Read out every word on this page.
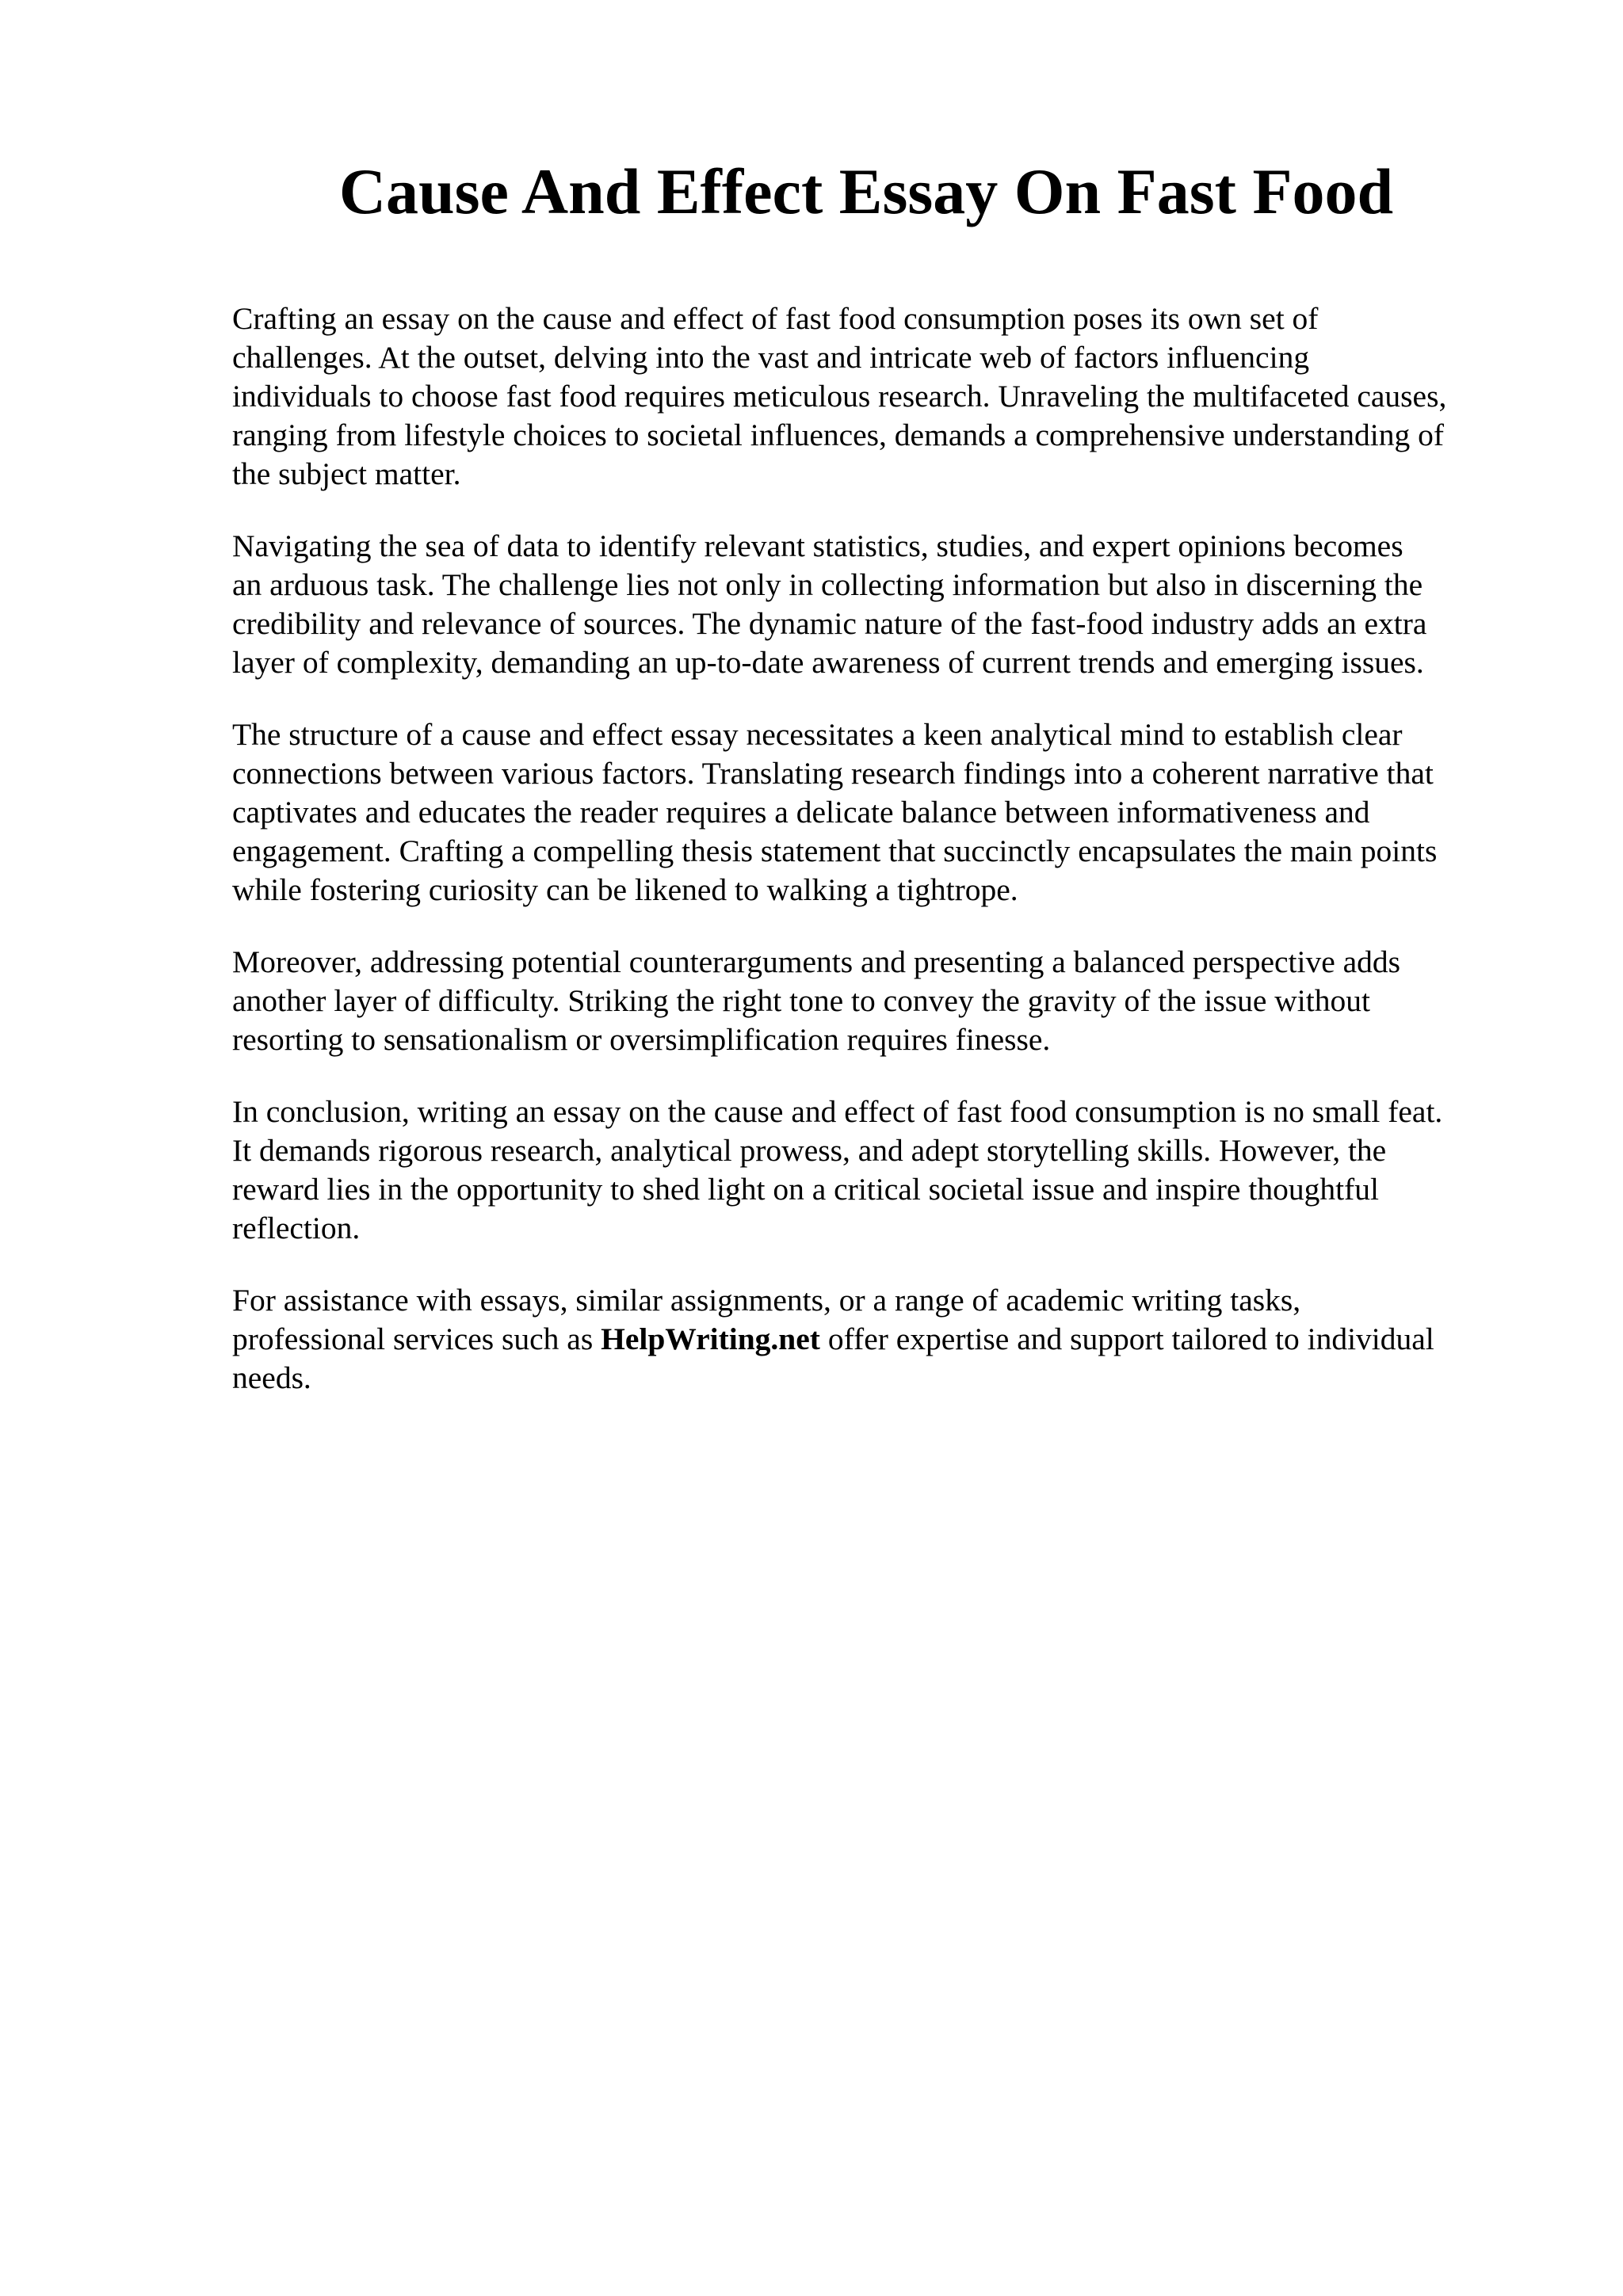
Cause And Effect Essay On Fast Food

Crafting an essay on the cause and effect of fast food consumption poses its own set of
challenges. At the outset, delving into the vast and intricate web of factors influencing
individuals to choose fast food requires meticulous research. Unraveling the multifaceted causes,
ranging from lifestyle choices to societal influences, demands a comprehensive understanding of
the subject matter.

Navigating the sea of data to identify relevant statistics, studies, and expert opinions becomes
an arduous task. The challenge lies not only in collecting information but also in discerning the
credibility and relevance of sources. The dynamic nature of the fast-food industry adds an extra
layer of complexity, demanding an up-to-date awareness of current trends and emerging issues.

The structure of a cause and effect essay necessitates a keen analytical mind to establish clear
connections between various factors. Translating research findings into a coherent narrative that
captivates and educates the reader requires a delicate balance between informativeness and
engagement. Crafting a compelling thesis statement that succinctly encapsulates the main points
while fostering curiosity can be likened to walking a tightrope.

Moreover, addressing potential counterarguments and presenting a balanced perspective adds
another layer of difficulty. Striking the right tone to convey the gravity of the issue without
resorting to sensationalism or oversimplification requires finesse.

In conclusion, writing an essay on the cause and effect of fast food consumption is no small feat.
It demands rigorous research, analytical prowess, and adept storytelling skills. However, the
reward lies in the opportunity to shed light on a critical societal issue and inspire thoughtful
reflection.

For assistance with essays, similar assignments, or a range of academic writing tasks,
professional services such as HelpWriting.net offer expertise and support tailored to individual
needs.
